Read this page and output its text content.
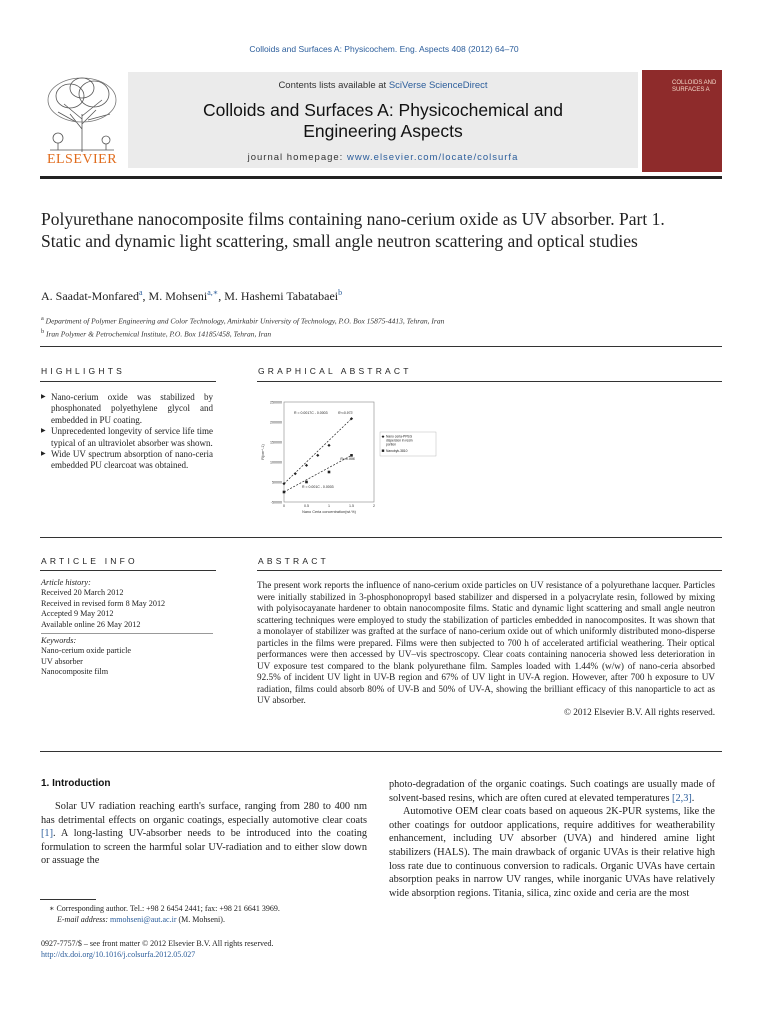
Colloids and Surfaces A: Physicochem. Eng. Aspects 408 (2012) 64–70
ELSEVIER
Contents lists available at SciVerse ScienceDirect
Colloids and Surfaces A: Physicochemical and Engineering Aspects
journal homepage: www.elsevier.com/locate/colsurfa
COLLOIDS AND SURFACES A
Polyurethane nanocomposite films containing nano-cerium oxide as UV absorber. Part 1. Static and dynamic light scattering, small angle neutron scattering and optical studies
A. Saadat-Monfared$^a$, M. Mohseni$^{a,∗}$, M. Hashemi Tabatabaei$^b$
$^a$ Department of Polymer Engineering and Color Technology, Amirkabir University of Technology, P.O. Box 15875-4413, Tehran, Iran
$^b$ Iran Polymer & Petrochemical Institute, P.O. Box 14185/458, Tehran, Iran
HIGHLIGHTS
▶ Nano-cerium oxide was stabilized by phosphonated polyethylene glycol and embedded in PU coating.
▶ Unprecedented longevity of service life time typical of an ultraviolet absorber was shown.
▶ Wide UV spectrum absorption of nano-ceria embedded PU clearcoat was obtained.
GRAPHICAL ABSTRACT
250000
200000
150000
100000
50000
-50000
0	0.5	1	1.5	2
Nano Ceria concentration(wt.%)
R(cm^-1)
R = 0.0017C - 0.0003	R²=0.973
R = 0.001C - 0.0003
R²=0.996
Nano ceria-PPEG dispersion in resin portion
Nanobyk-3810
ARTICLE INFO
Article history:
Received 20 March 2012
Received in revised form 8 May 2012
Accepted 9 May 2012
Available online 26 May 2012
Keywords:
Nano-cerium oxide particle
UV absorber
Nanocomposite film
ABSTRACT
The present work reports the influence of nano-cerium oxide particles on UV resistance of a polyurethane lacquer. Particles were initially stabilized in 3-phosphonopropyl based stabilizer and dispersed in a polyacrylate resin, followed by mixing with polyisocayanate hardener to obtain nanocomposite films. Static and dynamic light scattering and small angle neutron scattering techniques were employed to study the stabilization of particles embedded in nanocomposites. It was shown that a monolayer of stabilizer was grafted at the surface of nano-cerium oxide out of which uniformly distributed mono-disperse particles in the films were prepared. Films were then subjected to 700 h of accelerated artificial weathering. Their optical performances were then accessed by UV–vis spectroscopy. Clear coats containing nanoceria showed less deterioration in UV exposure test compared to the blank polyurethane film. Samples loaded with 1.44% (w/w) of nano-ceria absorbed 92.5% of incident UV light in UV-B region and 67% of UV light in UV-A region. However, after 700 h exposure to UV radiation, films could absorb 80% of UV-B and 50% of UV-A, showing the brilliant efficacy of this nanoparticle to act as UV absorber.
© 2012 Elsevier B.V. All rights reserved.
1. Introduction

Solar UV radiation reaching earth's surface, ranging from 280 to 400 nm has detrimental effects on organic coatings, especially automotive clear coats [1]. A long-lasting UV-absorber needs to be introduced into the coating formulation to screen the harmful solar UV-radiation and to either slow down or assuage the

photo-degradation of the organic coatings. Such coatings are usually made of solvent-based resins, which are often cured at elevated temperatures [2,3].

Automotive OEM clear coats based on aqueous 2K-PUR systems, like the other coatings for outdoor applications, require additives for weatherability enhancement, including UV absorber (UVA) and hindered amine light stabilizers (HALS). The main drawback of organic UVAs is their relative high loss rate due to continuous conversion to radicals. Organic UVAs have certain absorption peaks in narrow UV ranges, while inorganic UVAs have relatively wide absorption regions. Titania, silica, zinc oxide and ceria are the most

∗ Corresponding author. Tel.: +98 2 6454 2441; fax: +98 21 6641 3969.
E-mail address: mmohseni@aut.ac.ir (M. Mohseni).
0927-7757/$ – see front matter © 2012 Elsevier B.V. All rights reserved.
http://dx.doi.org/10.1016/j.colsurfa.2012.05.027
